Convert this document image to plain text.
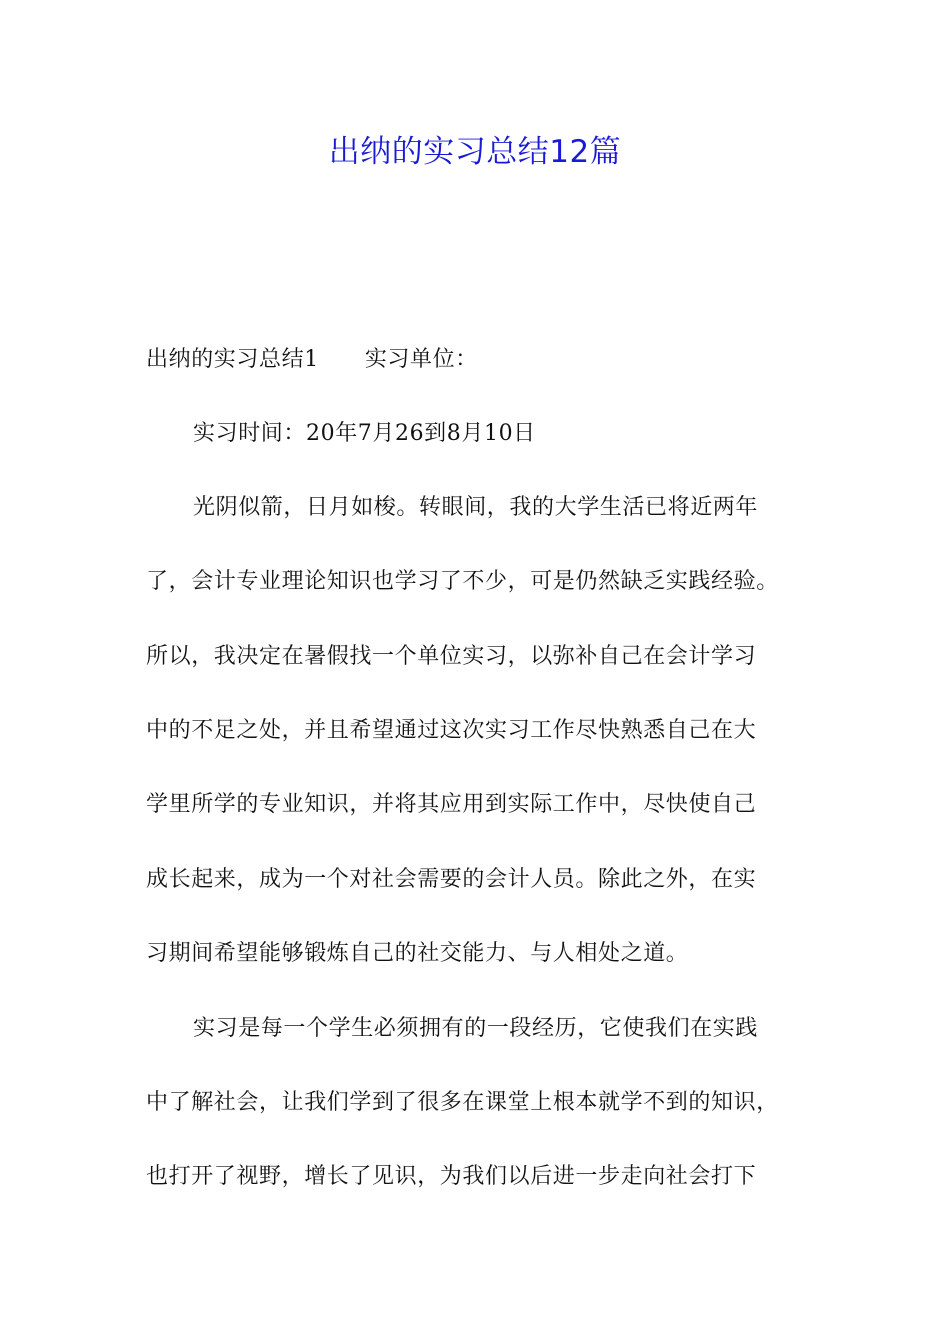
出纳的实习总结12篇
出纳的实习总结1 实习单位：
实习时间：20年7月26到8月10日
光阴似箭，日月如梭。转眼间，我的大学生活已将近两年
了，会计专业理论知识也学习了不少，可是仍然缺乏实践经验。
所以，我决定在暑假找一个单位实习，以弥补自己在会计学习
中的不足之处，并且希望通过这次实习工作尽快熟悉自己在大
学里所学的专业知识，并将其应用到实际工作中，尽快使自己
成长起来，成为一个对社会需要的会计人员。除此之外，在实
习期间希望能够锻炼自己的社交能力、与人相处之道。
实习是每一个学生必须拥有的一段经历，它使我们在实践
中了解社会，让我们学到了很多在课堂上根本就学不到的知识，
也打开了视野，增长了见识，为我们以后进一步走向社会打下
